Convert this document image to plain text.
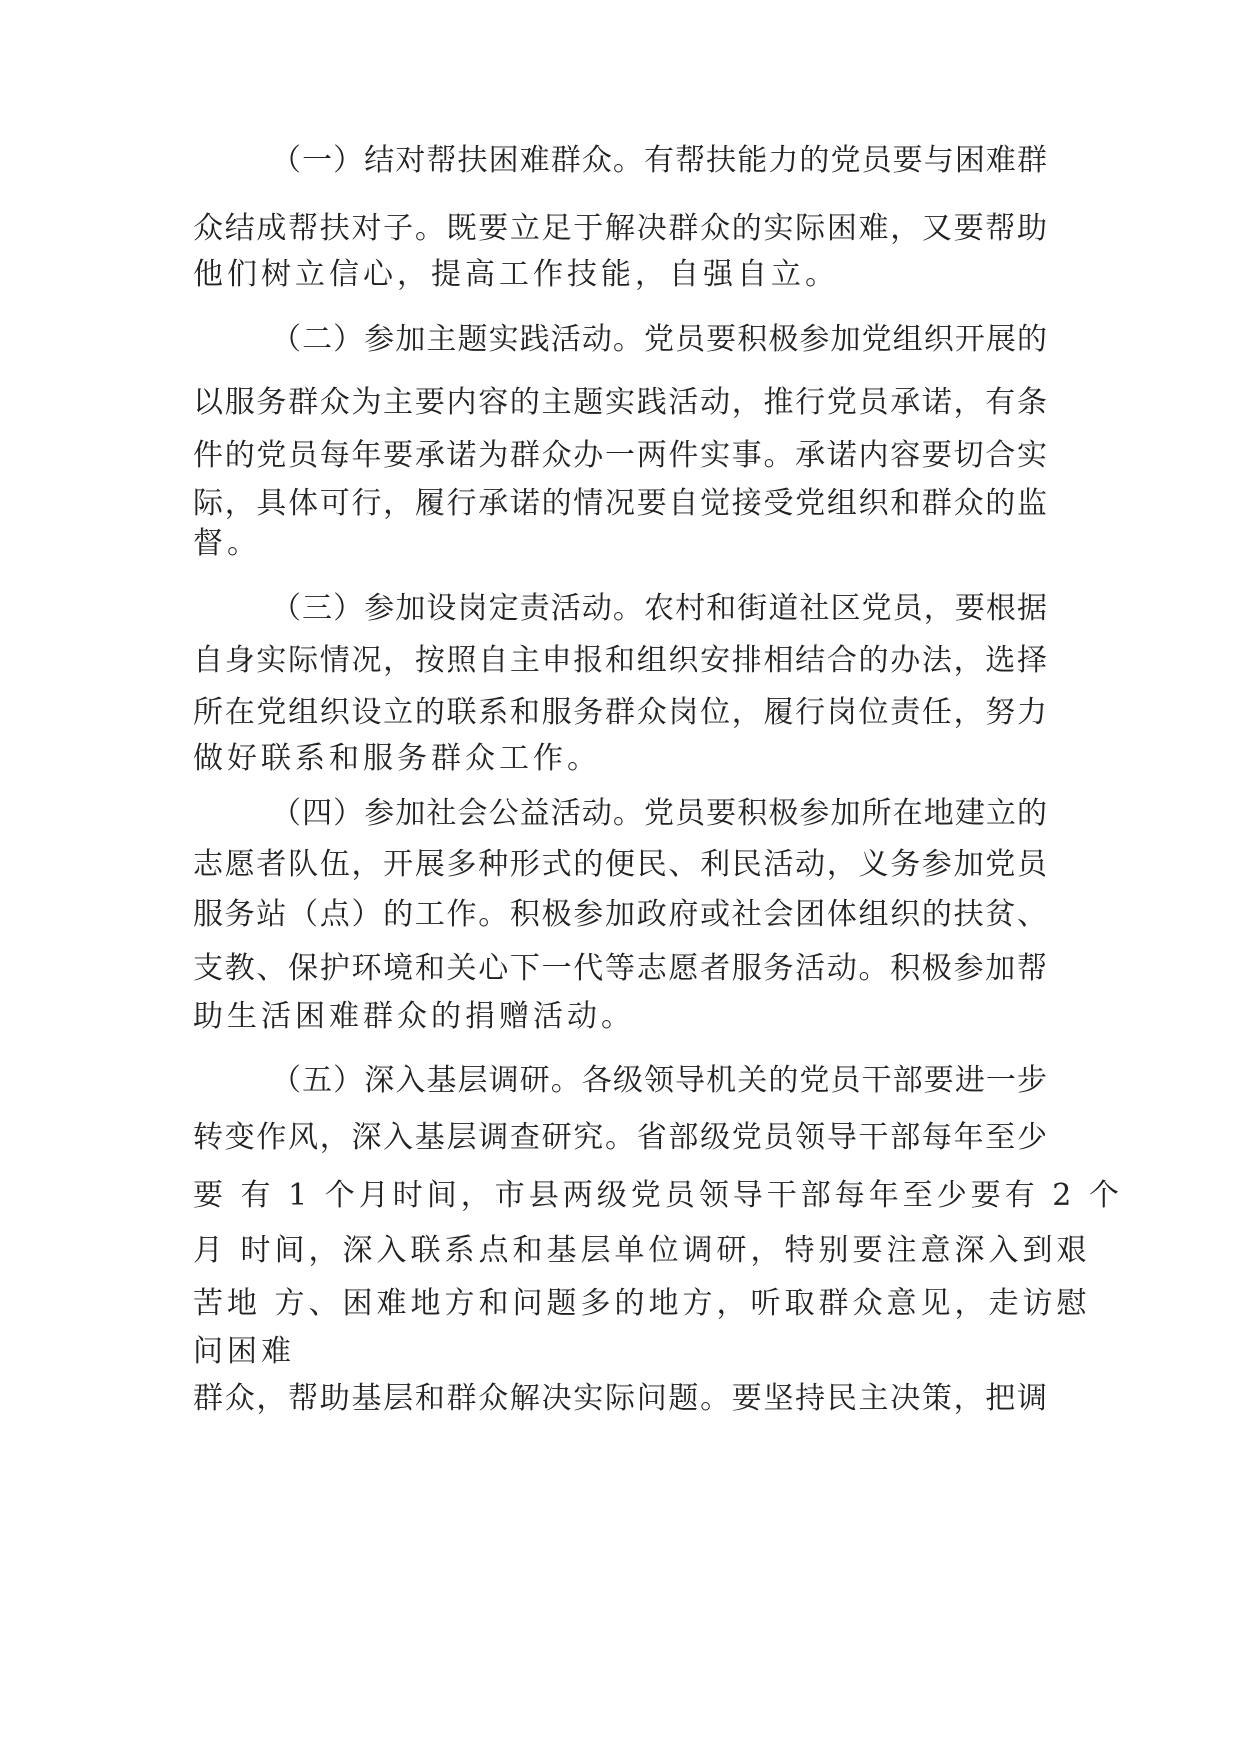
（一）结对帮扶困难群众。有帮扶能力的党员要与困难群

众结成帮扶对子。既要立足于解决群众的实际困难，又要帮助

他们树立信心，提高工作技能，自强自立。

（二）参加主题实践活动。党员要积极参加党组织开展的

以服务群众为主要内容的主题实践活动，推行党员承诺，有条

件的党员每年要承诺为群众办一两件实事。承诺内容要切合实

际，具体可行，履行承诺的情况要自觉接受党组织和群众的监

督。

（三）参加设岗定责活动。农村和街道社区党员，要根据

自身实际情况，按照自主申报和组织安排相结合的办法，选择

所在党组织设立的联系和服务群众岗位，履行岗位责任，努力

做好联系和服务群众工作。

（四）参加社会公益活动。党员要积极参加所在地建立的

志愿者队伍，开展多种形式的便民、利民活动，义务参加党员

服务站（点）的工作。积极参加政府或社会团体组织的扶贫、

支教、保护环境和关心下一代等志愿者服务活动。积极参加帮

助生活困难群众的捐赠活动。

（五）深入基层调研。各级领导机关的党员干部要进一步

转变作风，深入基层调查研究。省部级党员领导干部每年至少

要 有 1 个月时间，市县两级党员领导干部每年至少要有 2 个

月 时间，深入联系点和基层单位调研，特别要注意深入到艰

苦地 方、困难地方和问题多的地方，听取群众意见，走访慰

问困难

群众，帮助基层和群众解决实际问题。要坚持民主决策，把调
